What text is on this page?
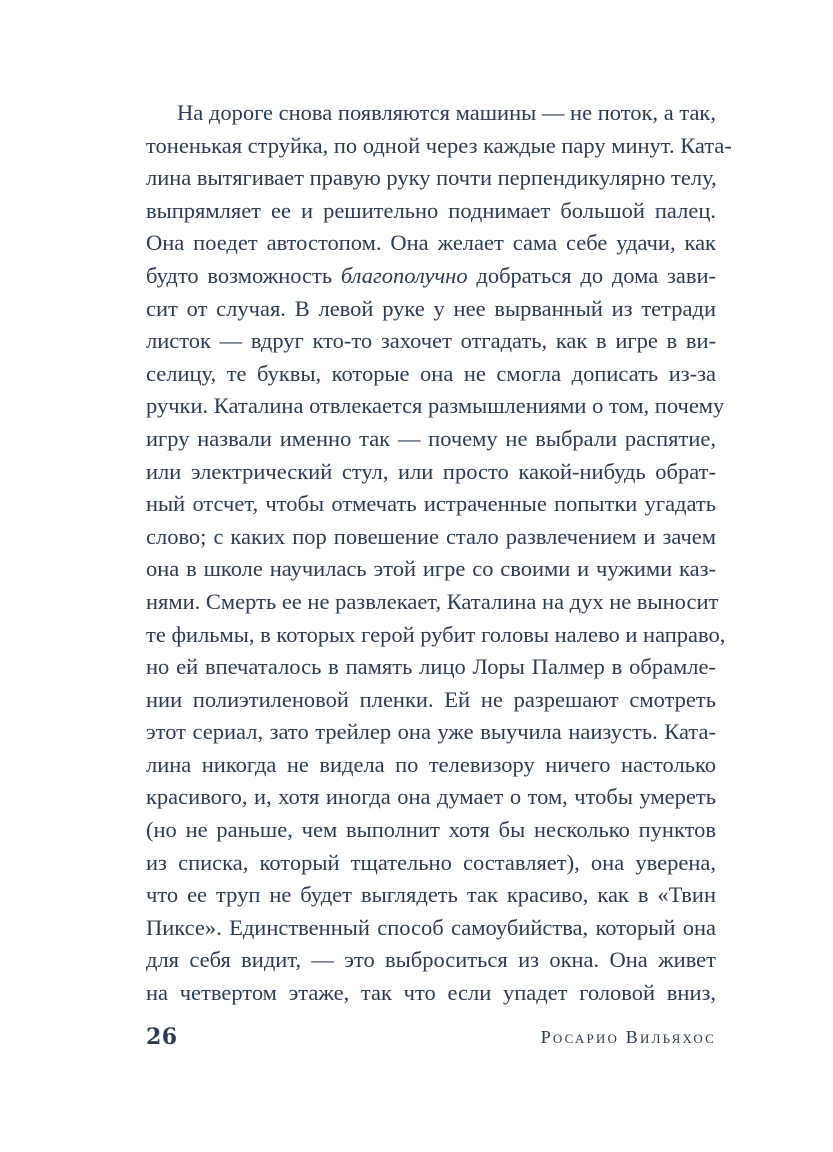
На дороге снова появляются машины — не поток, а так,
тоненькая струйка, по одной через каждые пару минут. Ката-
лина вытягивает правую руку почти перпендикулярно телу,
выпрямляет ее и решительно поднимает большой палец.
Она поедет автостопом. Она желает сама себе удачи, как
будто возможность благополучно добраться до дома зави-
сит от случая. В левой руке у нее вырванный из тетради
листок — вдруг кто-то захочет отгадать, как в игре в ви-
селицу, те буквы, которые она не смогла дописать из-за
ручки. Каталина отвлекается размышлениями о том, почему
игру назвали именно так — почему не выбрали распятие,
или электрический стул, или просто какой-нибудь обрат-
ный отсчет, чтобы отмечать истраченные попытки угадать
слово; с каких пор повешение стало развлечением и зачем
она в школе научилась этой игре со своими и чужими каз-
нями. Смерть ее не развлекает, Каталина на дух не выносит
те фильмы, в которых герой рубит головы налево и направо,
но ей впечаталось в память лицо Лоры Палмер в обрамле-
нии полиэтиленовой пленки. Ей не разрешают смотреть
этот сериал, зато трейлер она уже выучила наизусть. Ката-
лина никогда не видела по телевизору ничего настолько
красивого, и, хотя иногда она думает о том, чтобы умереть
(но не раньше, чем выполнит хотя бы несколько пунктов
из списка, который тщательно составляет), она уверена,
что ее труп не будет выглядеть так красиво, как в «Твин
Пиксе». Единственный способ самоубийства, который она
для себя видит, — это выброситься из окна. Она живет
на четвертом этаже, так что если упадет головой вниз,
26	Росарио Вильяхос
